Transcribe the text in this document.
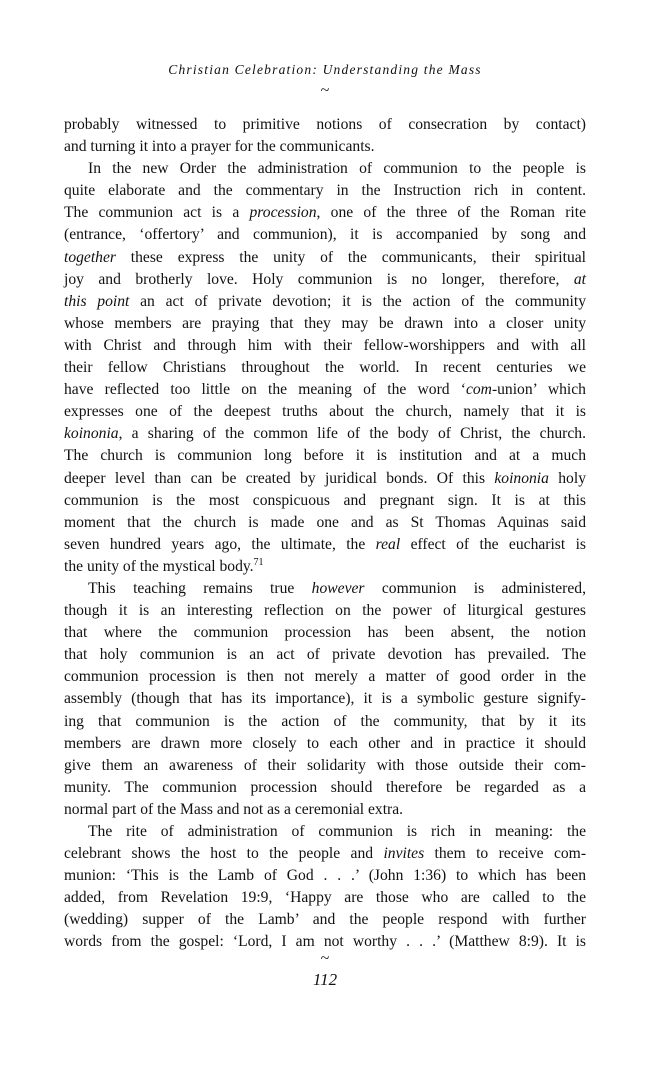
Christian Celebration: Understanding the Mass
~
probably witnessed to primitive notions of consecration by contact)
and turning it into a prayer for the communicants.
In the new Order the administration of communion to the people is
quite elaborate and the commentary in the Instruction rich in content.
The communion act is a procession, one of the three of the Roman rite
(entrance, ‘offertory’ and communion), it is accompanied by song and
together these express the unity of the communicants, their spiritual
joy and brotherly love. Holy communion is no longer, therefore, at
this point an act of private devotion; it is the action of the community
whose members are praying that they may be drawn into a closer unity
with Christ and through him with their fellow-worshippers and with all
their fellow Christians throughout the world. In recent centuries we
have reflected too little on the meaning of the word ‘com-union’ which
expresses one of the deepest truths about the church, namely that it is
koinonia, a sharing of the common life of the body of Christ, the church.
The church is communion long before it is institution and at a much
deeper level than can be created by juridical bonds. Of this koinonia holy
communion is the most conspicuous and pregnant sign. It is at this
moment that the church is made one and as St Thomas Aquinas said
seven hundred years ago, the ultimate, the real effect of the eucharist is
the unity of the mystical body.$^{71}$
This teaching remains true however communion is administered,
though it is an interesting reflection on the power of liturgical gestures
that where the communion procession has been absent, the notion
that holy communion is an act of private devotion has prevailed. The
communion procession is then not merely a matter of good order in the
assembly (though that has its importance), it is a symbolic gesture signify-
ing that communion is the action of the community, that by it its
members are drawn more closely to each other and in practice it should
give them an awareness of their solidarity with those outside their com-
munity. The communion procession should therefore be regarded as a
normal part of the Mass and not as a ceremonial extra.
The rite of administration of communion is rich in meaning: the
celebrant shows the host to the people and invites them to receive com-
munion: ‘This is the Lamb of God . . .’ (John 1:36) to which has been
added, from Revelation 19:9, ‘Happy are those who are called to the
(wedding) supper of the Lamb’ and the people respond with further
words from the gospel: ‘Lord, I am not worthy . . .’ (Matthew 8:9). It is
~
112
